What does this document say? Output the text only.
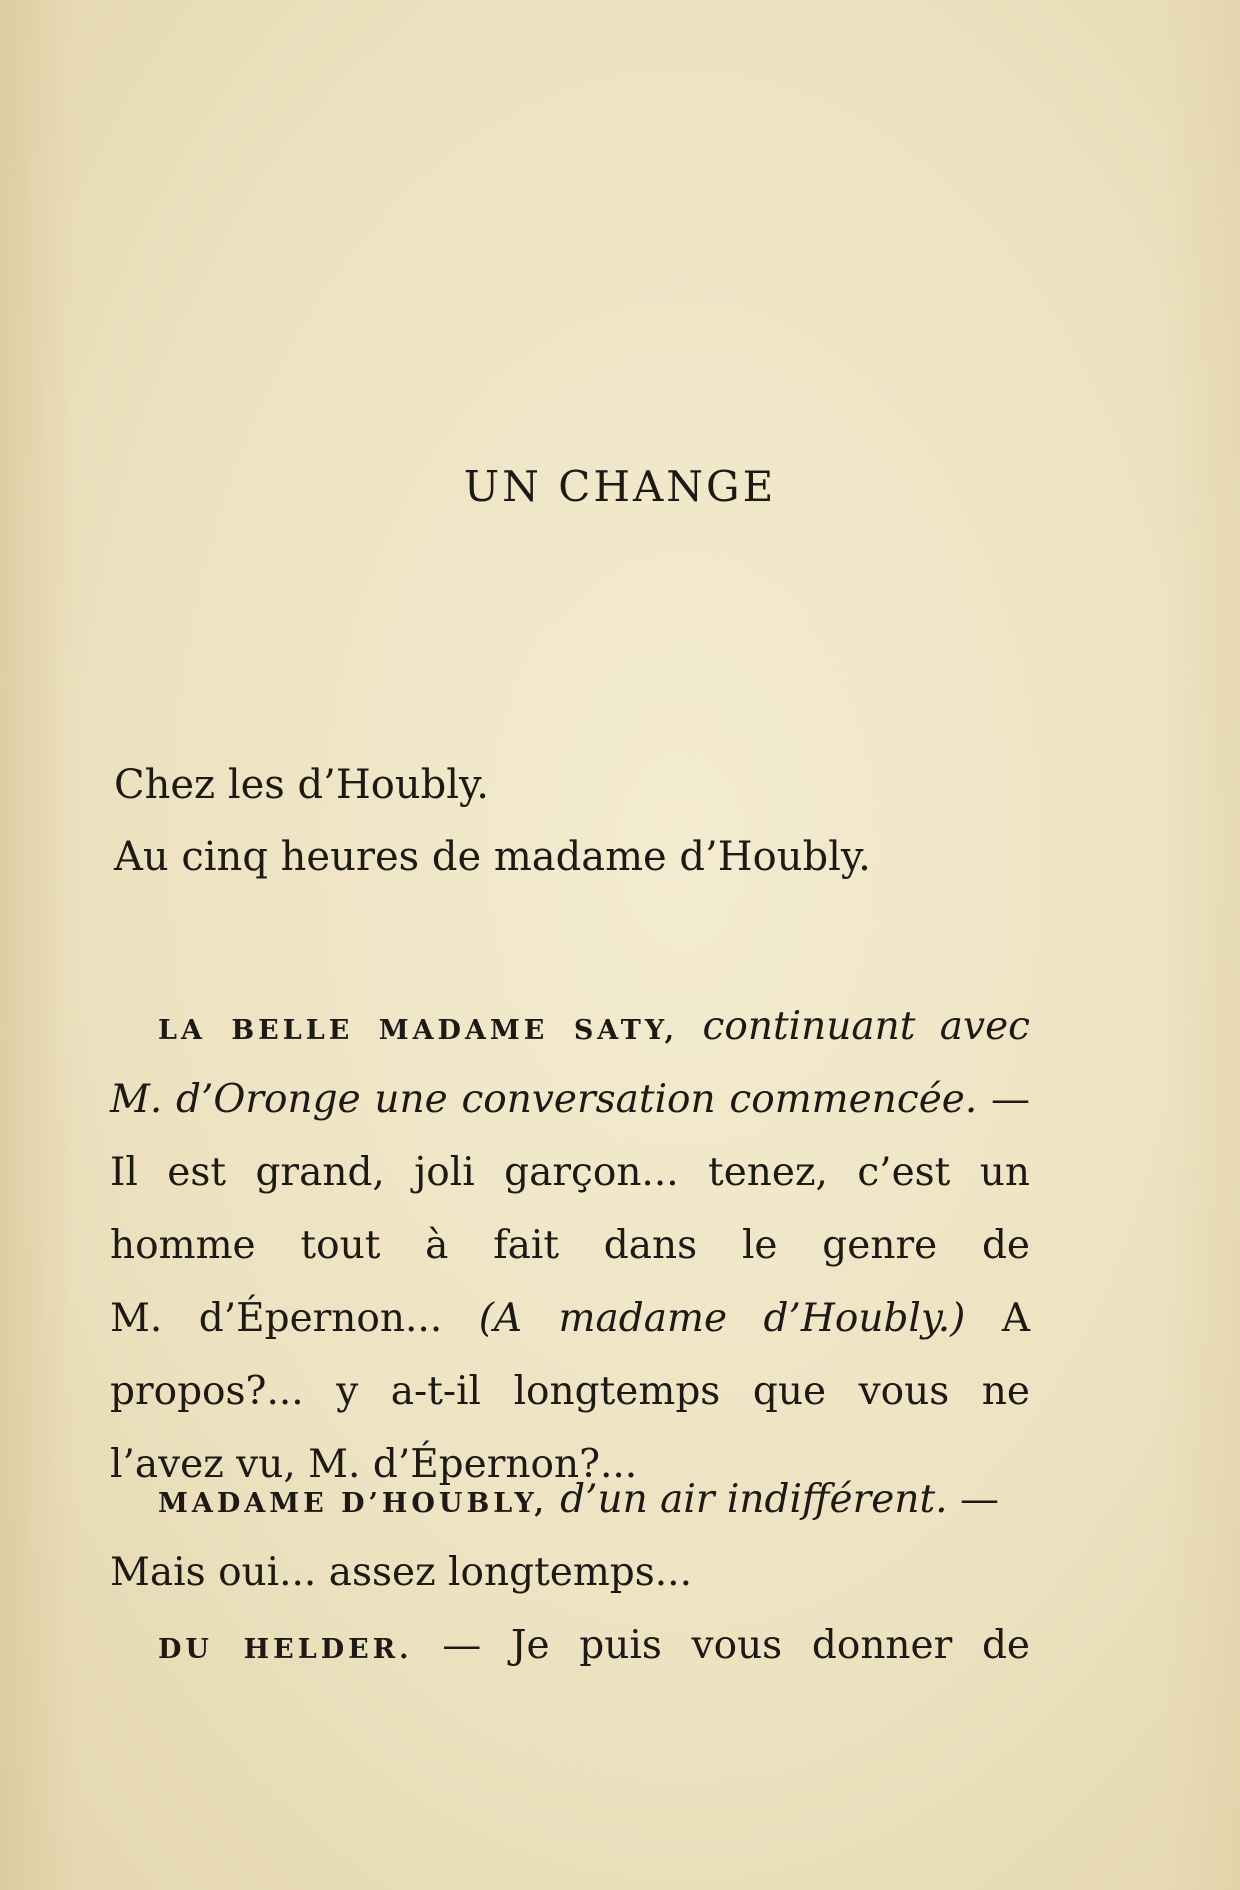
UN CHANGE

Chez les d’Houbly.

Au cinq heures de madame d’Houbly.

LA BELLE MADAME SATY, continuant avec
M. d’Oronge une conversation commencée. —
Il est grand, joli garçon... tenez, c’est un
homme tout à fait dans le genre de
M. d’Épernon... (A madame d’Houbly.) A
propos?... y a-t-il longtemps que vous ne
l’avez vu, M. d’Épernon?...
MADAME D’HOUBLY, d’un air indifférent. —
Mais oui... assez longtemps...
DU HELDER. — Je puis vous donner de
